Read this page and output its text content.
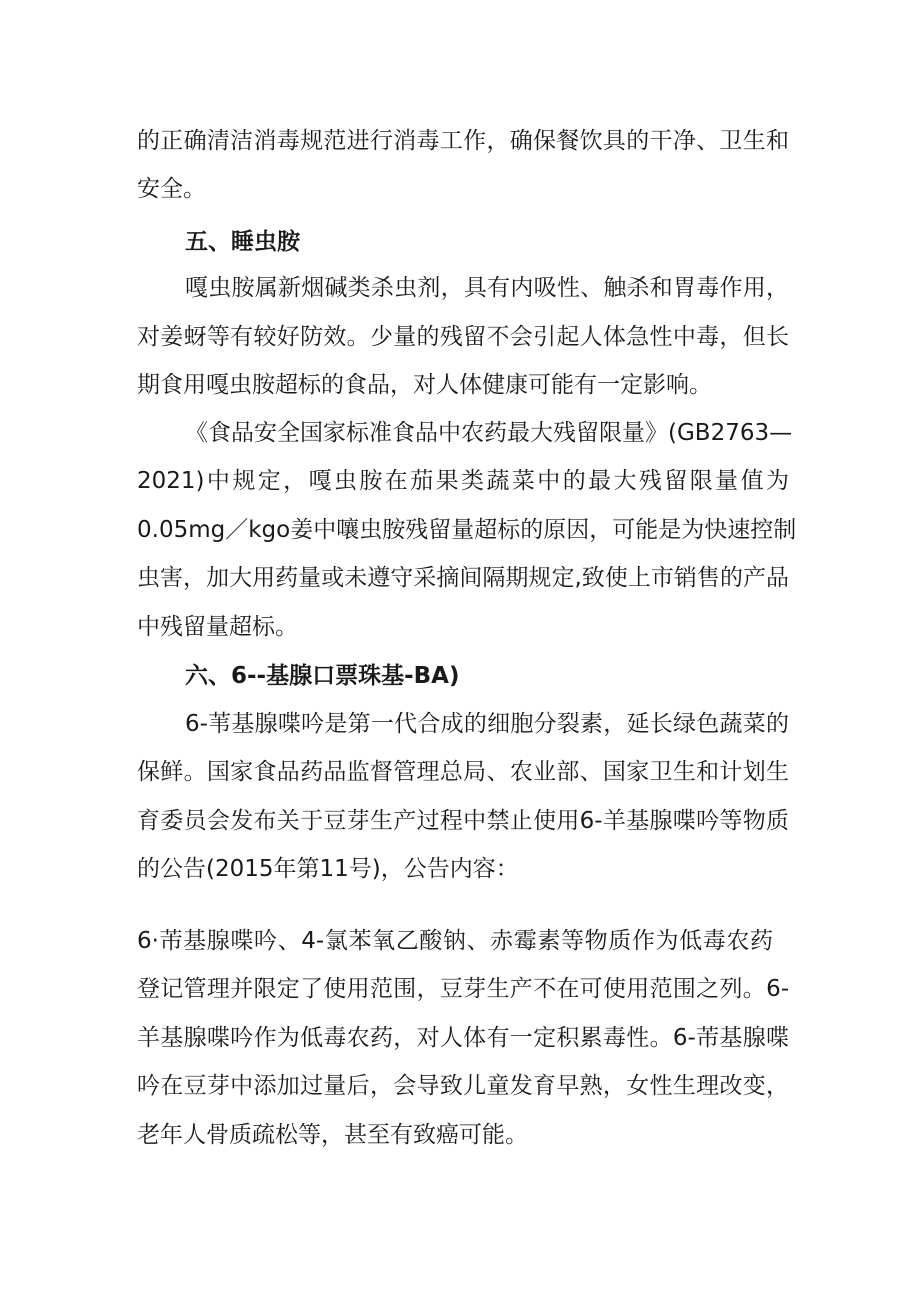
的正确清洁消毒规范进行消毒工作，确保餐饮具的干净、卫生和

安全。

五、睡虫胺

嘎虫胺属新烟碱类杀虫剂，具有内吸性、触杀和胃毒作用，

对姜蚜等有较好防效。少量的残留不会引起人体急性中毒，但长

期食用嘎虫胺超标的食品，对人体健康可能有一定影响。

《食品安全国家标准食品中农药最大残留限量》(GB2763—

2021)中规定，嘎虫胺在茄果类蔬菜中的最大残留限量值为

0.05mg／kgo姜中嚷虫胺残留量超标的原因，可能是为快速控制

虫害，加大用药量或未遵守采摘间隔期规定,致使上市销售的产品

中残留量超标。

六、6--基腺口票珠基-BA)

6-苇基腺喋吟是第一代合成的细胞分裂素，延长绿色蔬菜的

保鲜。国家食品药品监督管理总局、农业部、国家卫生和计划生

育委员会发布关于豆芽生产过程中禁止使用6-羊基腺喋吟等物质

的公告(2015年第11号)，公告内容：

6·芾基腺喋吟、4-氯苯氧乙酸钠、赤霉素等物质作为低毒农药

登记管理并限定了使用范围，豆芽生产不在可使用范围之列。6-

羊基腺喋吟作为低毒农药，对人体有一定积累毒性。6-芾基腺喋

吟在豆芽中添加过量后，会导致儿童发育早熟，女性生理改变，

老年人骨质疏松等，甚至有致癌可能。
